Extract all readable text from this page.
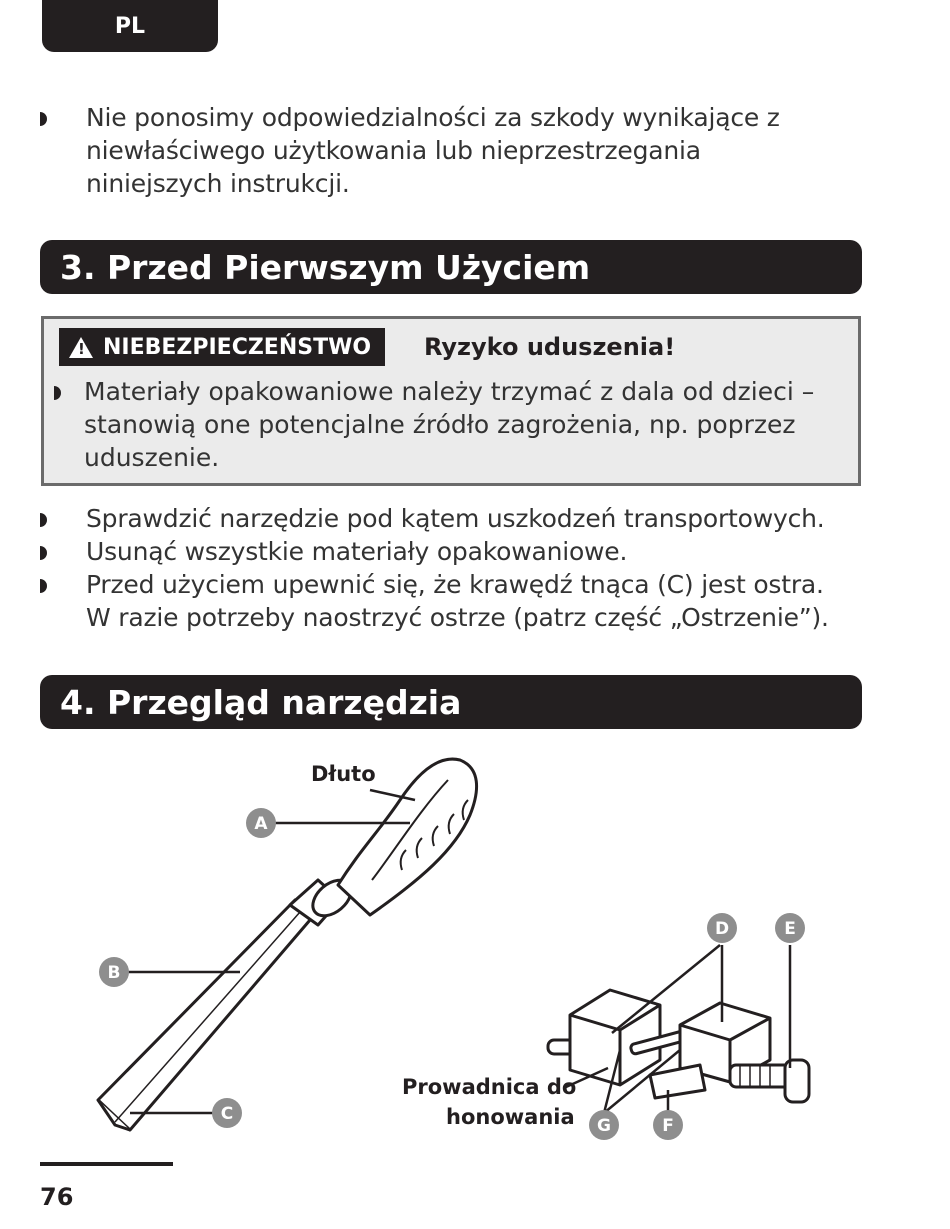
PL
Nie ponosimy odpowiedzialności za szkody wynikające z niewłaściwego użytkowania lub nieprzestrzegania niniejszych instrukcji.
3. Przed Pierwszym Użyciem
! NIEBEZPIECZEŃSTWO Ryzyko uduszenia!
Materiały opakowaniowe należy trzymać z dala od dzieci – stanowią one potencjalne źródło zagrożenia, np. poprzez uduszenie.
Sprawdzić narzędzie pod kątem uszkodzeń transportowych.
Usunąć wszystkie materiały opakowaniowe.
Przed użyciem upewnić się, że krawędź tnąca (C) jest ostra. W razie potrzeby naostrzyć ostrze (patrz część „Ostrzenie”).
4. Przegląd narzędzia
Dłuto
Prowadnica do
honowania
A
B
C
D	E
F
G
76
